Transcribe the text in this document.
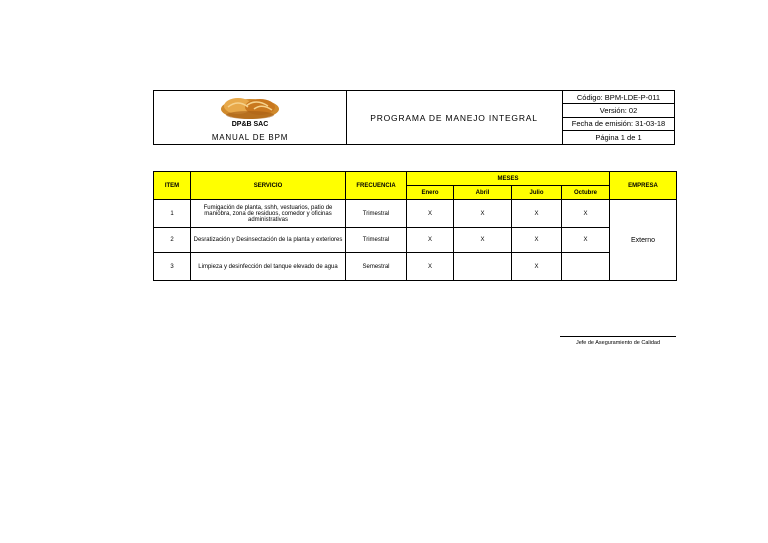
DP&B SAC
MANUAL DE BPM
PROGRAMA DE MANEJO INTEGRAL
Código: BPM-LDE-P-011
Versión: 02
Fecha de emisión: 31-03-18
Página 1 de 1
ITEM	SERVICIO	FRECUENCIA	MESES				EMPRESA
			Enero	Abril	Julio	Octubre	
1	Fumigación de planta, sshh, vestuarios, patio de maniobra, zona de residuos, comedor y oficinas administrativas	Trimestral	X	X	X	X	Externo
2	Desratización y Desinsectación de la planta y exteriores	Trimestral	X	X	X	X	
3	Limpieza y desinfección del tanque elevado de agua	Semestral	X		X		
Jefe de Aseguramiento de Calidad
